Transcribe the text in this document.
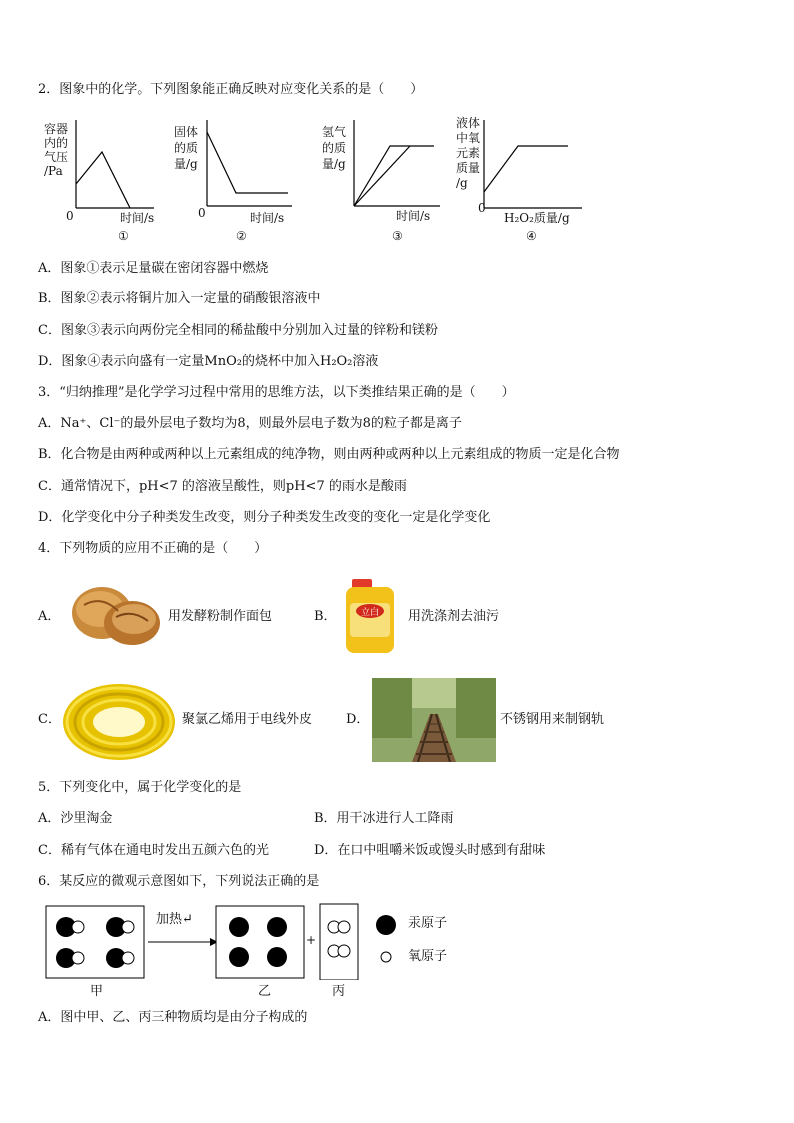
2．图象中的化学。下列图象能正确反映对应变化关系的是（　　）
容器
内的
气压
/Pa
0	时间/s
①
固体
的质
量/g
0	时间/s
②
氢气
的质
量/g
时间/s
③
液体
中氧
元素
质量
/g
0
H₂O₂质量/g
④
A．图象①表示足量碳在密闭容器中燃烧
B．图象②表示将铜片加入一定量的硝酸银溶液中
C．图象③表示向两份完全相同的稀盐酸中分别加入过量的锌粉和镁粉
D．图象④表示向盛有一定量MnO₂的烧杯中加入H₂O₂溶液
3．“归纳推理”是化学学习过程中常用的思维方法，以下类推结果正确的是（　　）
A．Na⁺、Cl⁻的最外层电子数均为8，则最外层电子数为8的粒子都是离子
B．化合物是由两种或两种以上元素组成的纯净物，则由两种或两种以上元素组成的物质一定是化合物
C．通常情况下，pH<7 的溶液呈酸性，则pH<7 的雨水是酸雨
D．化学变化中分子种类发生改变，则分子种类发生改变的变化一定是化学变化
4．下列物质的应用不正确的是（　　）
A．	用发酵粉制作面包	B．	立白 用洗涤剂去油污
C．	聚氯乙烯用于电线外皮	D．	不锈钢用来制钢轨
5．下列变化中，属于化学变化的是
A．沙里淘金	B．用干冰进行人工降雨
C．稀有气体在通电时发出五颜六色的光	D．在口中咀嚼米饭或馒头时感到有甜味
6．某反应的微观示意图如下，下列说法正确的是
加热↵
+
汞原子
氧原子
甲	乙	丙
A．图中甲、乙、丙三种物质均是由分子构成的
